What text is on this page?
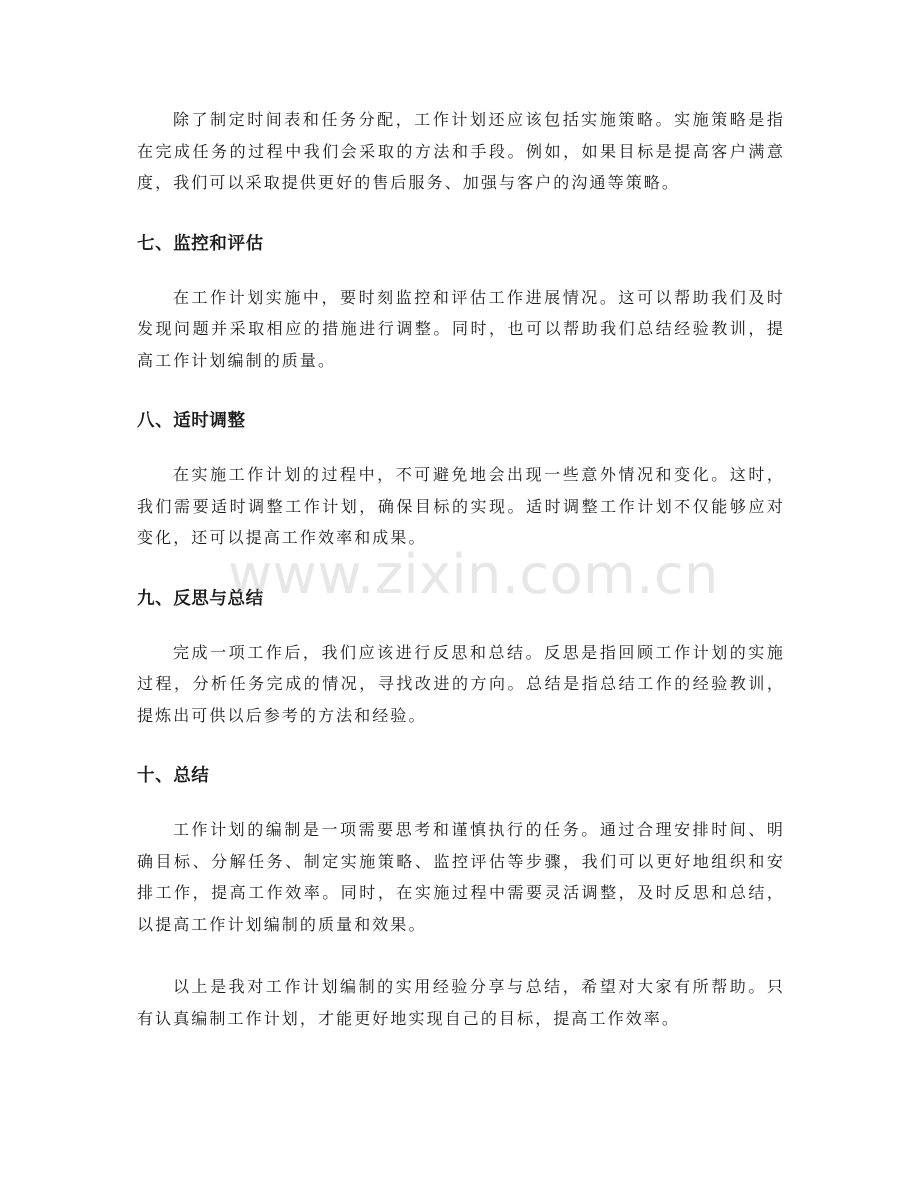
除了制定时间表和任务分配，工作计划还应该包括实施策略。实施策略是指在完成任务的过程中我们会采取的方法和手段。例如，如果目标是提高客户满意度，我们可以采取提供更好的售后服务、加强与客户的沟通等策略。

七、监控和评估

在工作计划实施中，要时刻监控和评估工作进展情况。这可以帮助我们及时发现问题并采取相应的措施进行调整。同时，也可以帮助我们总结经验教训，提高工作计划编制的质量。

八、适时调整

在实施工作计划的过程中，不可避免地会出现一些意外情况和变化。这时，我们需要适时调整工作计划，确保目标的实现。适时调整工作计划不仅能够应对变化，还可以提高工作效率和成果。

九、反思与总结

完成一项工作后，我们应该进行反思和总结。反思是指回顾工作计划的实施过程，分析任务完成的情况，寻找改进的方向。总结是指总结工作的经验教训，提炼出可供以后参考的方法和经验。

十、总结

工作计划的编制是一项需要思考和谨慎执行的任务。通过合理安排时间、明确目标、分解任务、制定实施策略、监控评估等步骤，我们可以更好地组织和安排工作，提高工作效率。同时，在实施过程中需要灵活调整，及时反思和总结，以提高工作计划编制的质量和效果。

以上是我对工作计划编制的实用经验分享与总结，希望对大家有所帮助。只有认真编制工作计划，才能更好地实现自己的目标，提高工作效率。

www.zixin.com.cn
